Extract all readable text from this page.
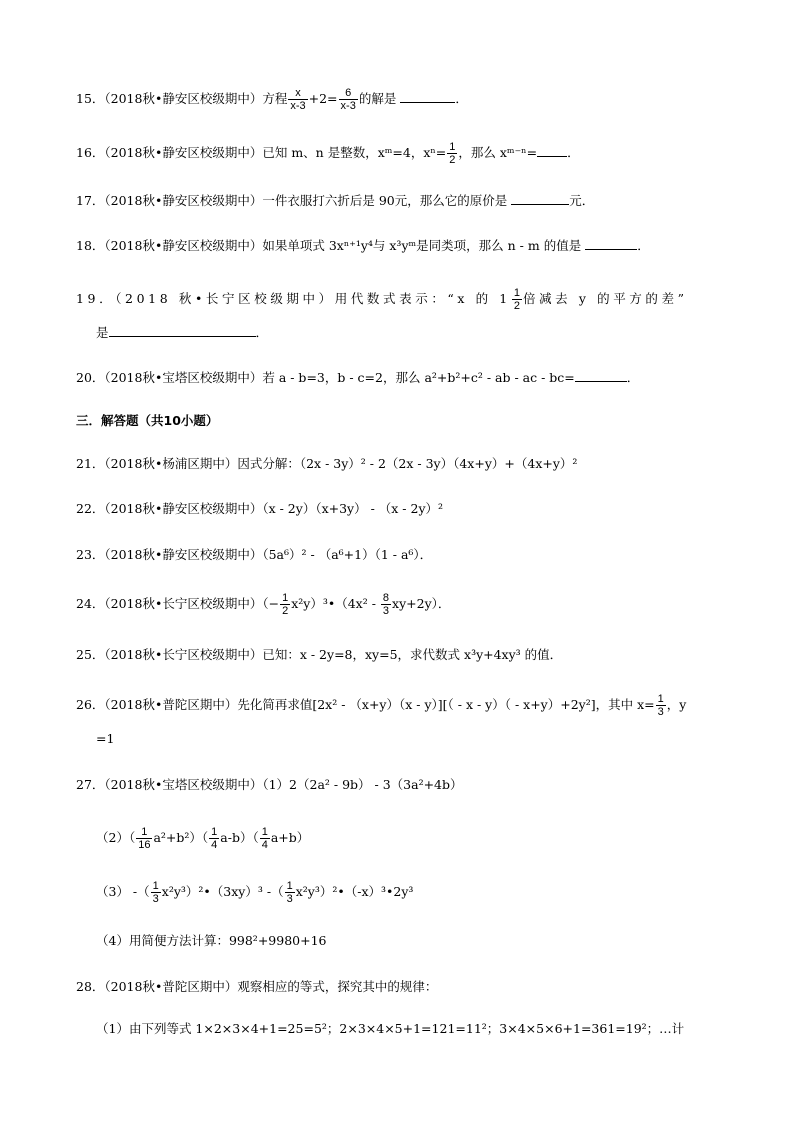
15．（2018秋•静安区校级期中）方程 $\frac{x}{x-3} +2= \frac{6}{x-3}$ 的解是	．
16．（2018秋•静安区校级期中）已知 m、n 是整数，xᵐ=4，$x^n= \frac{1}{2}$ ，那么 xᵐ⁻ⁿ= ．
17．（2018秋•静安区校级期中）一件衣服打六折后是 90元，那么它的原价是	元．
18．（2018秋•静安区校级期中）如果单项式 3xⁿ⁺¹y⁴与 x³yᵐ是同类项，那么 n - m 的值是	．
19．（2018 秋•长宁区校级期中）用代数式表示：“x 的 $1 \frac{1}{2}$ 倍减去 y 的平方的差”
是	．
20．（2018秋•宝塔区校级期中）若 a - b=3，b - c=2，那么 a²+b²+c² - ab - ac - bc=	．
三．解答题（共10小题）
21．（2018秋•杨浦区期中）因式分解：（2x - 3y）² - 2（2x - 3y）（4x+y）+（4x+y）²
22．（2018秋•静安区校级期中）（x - 2y）（x+3y） - （x - 2y）²
23．（2018秋•静安区校级期中）（5a⁶）² - （a⁶+1）（1 - a⁶）．
24．（2018秋•长宁区校级期中）（− $\frac{1}{2}$ x²y）³•（4x² - $\frac{8}{3} xy+2y$）．
25．（2018秋•长宁区校级期中）已知：x - 2y=8，xy=5，求代数式 x³y+4xy³ 的值．
26．（2018秋•普陀区期中）先化简再求值[2x² - （x+y）（x - y）][（ - x - y）（ - x+y）+2y²]，其中 $x= \frac{1}{3}$ ，y
=1
27．（2018秋•宝塔区校级期中）（1）2（2a² - 9b） - 3（3a²+4b）
$(2)( \frac{1}{16} a^2+b^2)( \frac{1}{4} a-b)( \frac{1}{4} a+b)$
（3） -（ $\frac{1}{3}$ x²y³）²•（3xy）³ -（ $\frac{1}{3}$ x²y³）²•（-x）³•2y³
（4）用简便方法计算：998²+9980+16
28．（2018秋•普陀区期中）观察相应的等式，探究其中的规律：
（1）由下列等式 1×2×3×4+1=25=5²；2×3×4×5+1=121=11²；3×4×5×6+1=361=19²；…计
